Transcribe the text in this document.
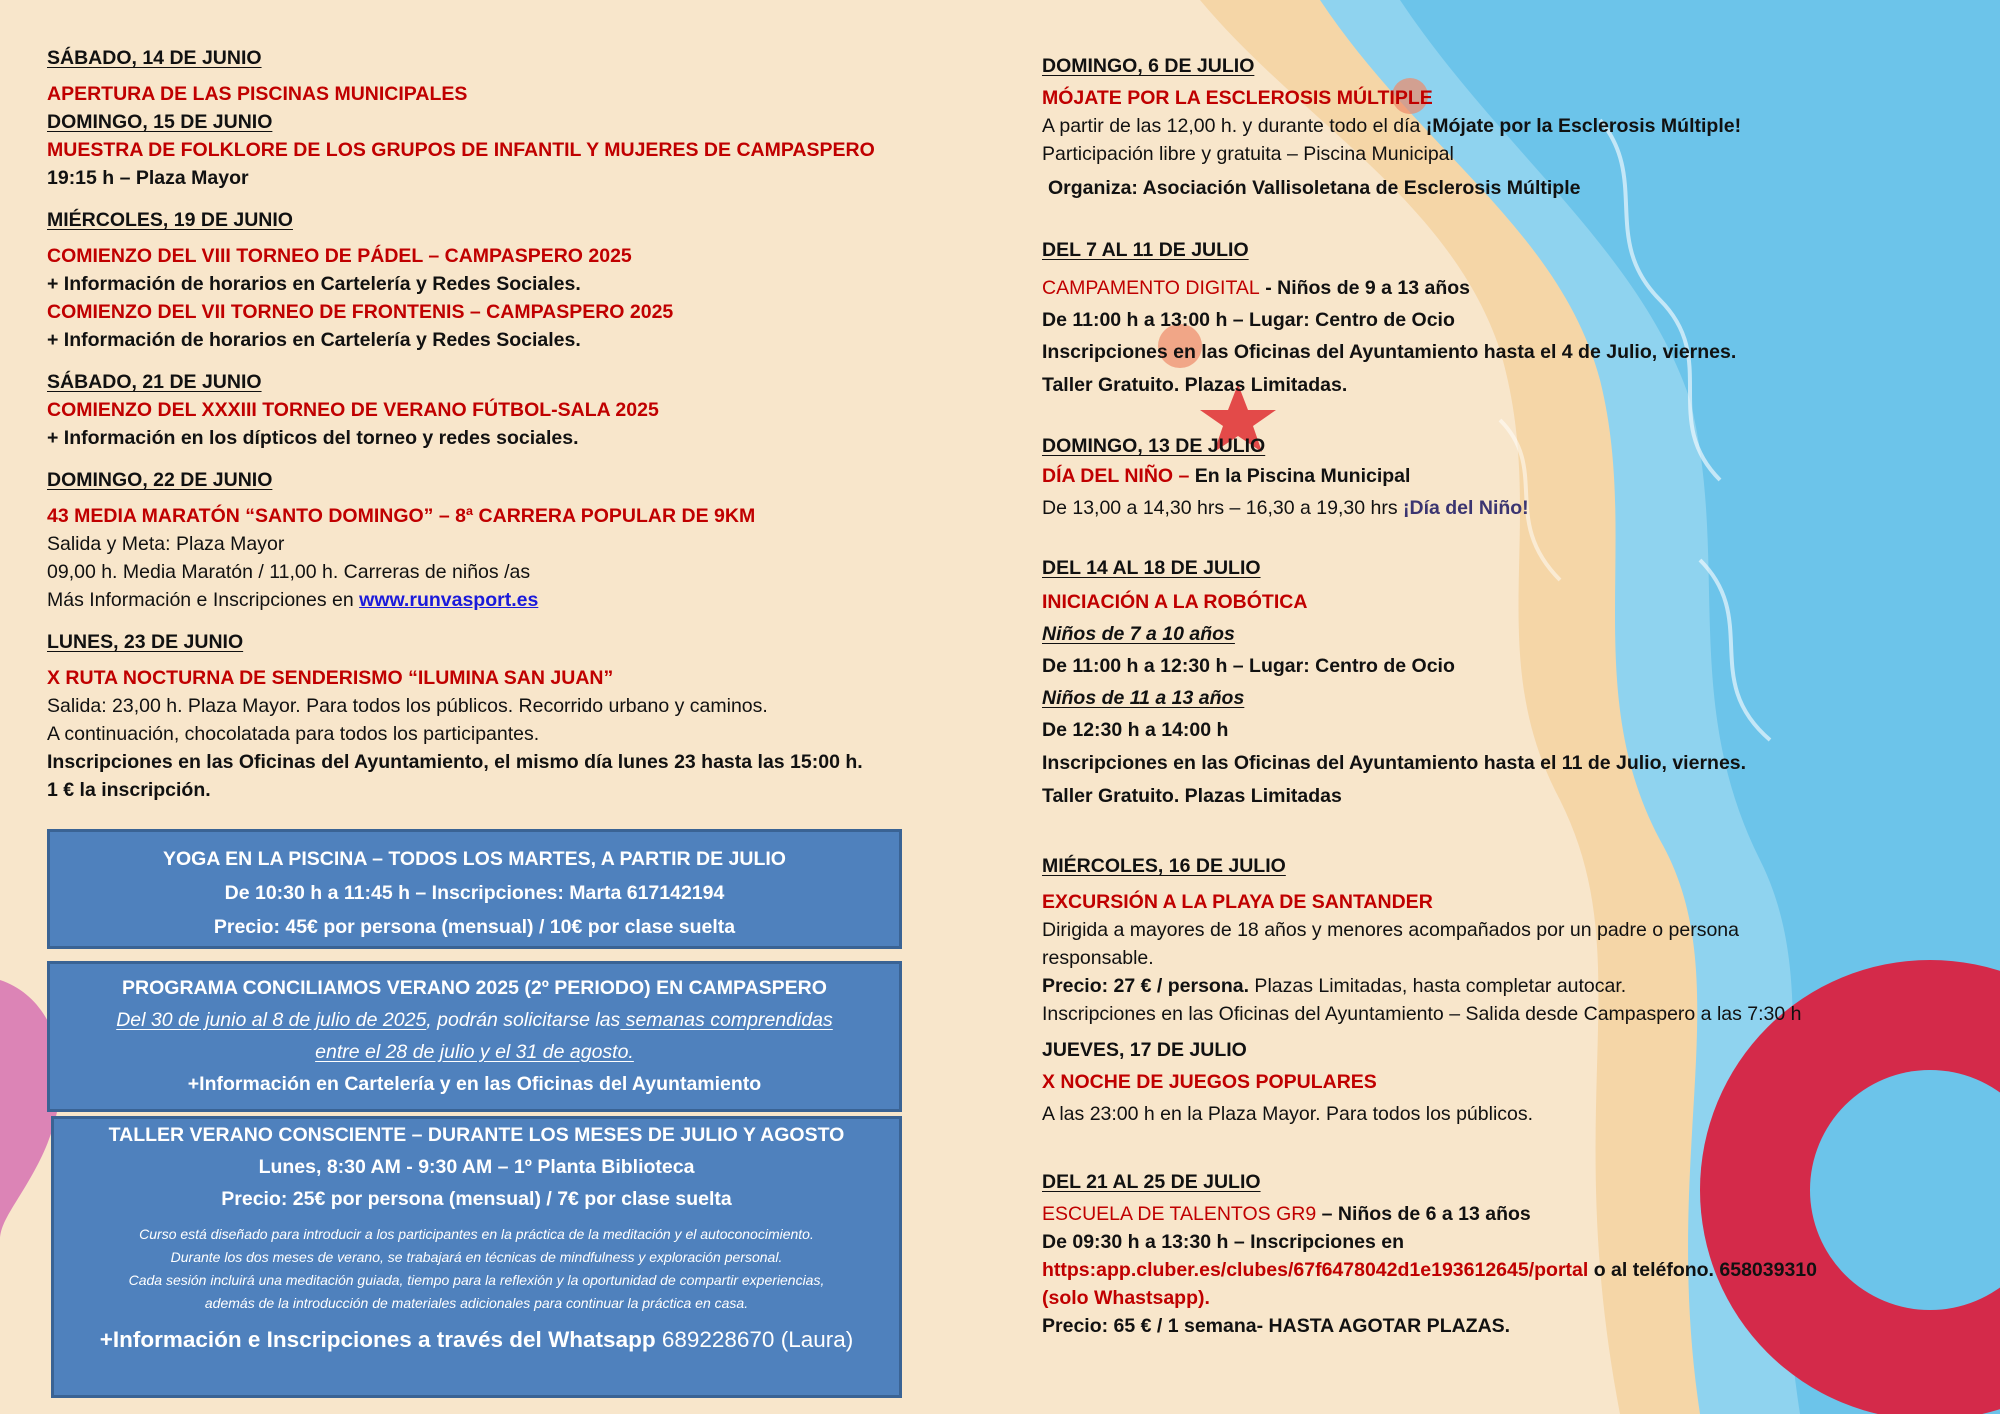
SÁBADO, 14 DE JUNIO
APERTURA DE LAS PISCINAS MUNICIPALES
DOMINGO, 15 DE JUNIO
MUESTRA DE FOLKLORE DE LOS GRUPOS DE INFANTIL Y MUJERES DE CAMPASPERO
19:15 h – Plaza Mayor
MIÉRCOLES, 19 DE JUNIO
COMIENZO DEL VIII TORNEO DE PÁDEL – CAMPASPERO 2025
+ Información de horarios en Cartelería y Redes Sociales.
COMIENZO DEL VII TORNEO DE FRONTENIS – CAMPASPERO 2025
+ Información de horarios en Cartelería y Redes Sociales.
SÁBADO, 21 DE JUNIO
COMIENZO DEL XXXIII TORNEO DE VERANO FÚTBOL-SALA 2025
+ Información en los dípticos del torneo y redes sociales.
DOMINGO, 22 DE JUNIO
43 MEDIA MARATÓN “SANTO DOMINGO” – 8ª CARRERA POPULAR DE 9KM
Salida y Meta: Plaza Mayor
09,00 h. Media Maratón / 11,00 h. Carreras de niños /as
Más Información e Inscripciones en www.runvasport.es
LUNES, 23 DE JUNIO
X RUTA NOCTURNA DE SENDERISMO “ILUMINA SAN JUAN”
Salida: 23,00 h. Plaza Mayor. Para todos los públicos. Recorrido urbano y caminos.
A continuación, chocolatada para todos los participantes.
Inscripciones en las Oficinas del Ayuntamiento, el mismo día lunes 23 hasta las 15:00 h.
1 € la inscripción.
YOGA EN LA PISCINA – TODOS LOS MARTES, A PARTIR DE JULIO
De 10:30 h a 11:45 h – Inscripciones: Marta 617142194
Precio: 45€ por persona (mensual) / 10€ por clase suelta
PROGRAMA CONCILIAMOS VERANO 2025 (2º PERIODO) EN CAMPASPERO
Del 30 de junio al 8 de julio de 2025, podrán solicitarse las semanas comprendidas
entre el 28 de julio y el 31 de agosto.
+Información en Cartelería y en las Oficinas del Ayuntamiento
TALLER VERANO CONSCIENTE – DURANTE LOS MESES DE JULIO Y AGOSTO
Lunes, 8:30 AM - 9:30 AM – 1º Planta Biblioteca
Precio: 25€ por persona (mensual) / 7€ por clase suelta
Curso está diseñado para introducir a los participantes en la práctica de la meditación y el autoconocimiento.
Durante los dos meses de verano, se trabajará en técnicas de mindfulness y exploración personal.
Cada sesión incluirá una meditación guiada, tiempo para la reflexión y la oportunidad de compartir experiencias,
además de la introducción de materiales adicionales para continuar la práctica en casa.
+Información e Inscripciones a través del Whatsapp 689228670 (Laura)
DOMINGO, 6 DE JULIO
MÓJATE POR LA ESCLEROSIS MÚLTIPLE
A partir de las 12,00 h. y durante todo el día ¡Mójate por la Esclerosis Múltiple!
Participación libre y gratuita – Piscina Municipal
Organiza: Asociación Vallisoletana de Esclerosis Múltiple
DEL 7 AL 11 DE JULIO
CAMPAMENTO DIGITAL - Niños de 9 a 13 años
De 11:00 h a 13:00 h – Lugar: Centro de Ocio
Inscripciones en las Oficinas del Ayuntamiento hasta el 4 de Julio, viernes.
Taller Gratuito. Plazas Limitadas.
DOMINGO, 13 DE JULIO
DÍA DEL NIÑO – En la Piscina Municipal
De 13,00 a 14,30 hrs – 16,30 a 19,30 hrs ¡Día del Niño!
DEL 14 AL 18 DE JULIO
INICIACIÓN A LA ROBÓTICA
Niños de 7 a 10 años
De 11:00 h a 12:30 h – Lugar: Centro de Ocio
Niños de 11 a 13 años
De 12:30 h a 14:00 h
Inscripciones en las Oficinas del Ayuntamiento hasta el 11 de Julio, viernes.
Taller Gratuito. Plazas Limitadas
MIÉRCOLES, 16 DE JULIO
EXCURSIÓN A LA PLAYA DE SANTANDER
Dirigida a mayores de 18 años y menores acompañados por un padre o persona
responsable.
Precio: 27 € / persona. Plazas Limitadas, hasta completar autocar.
Inscripciones en las Oficinas del Ayuntamiento – Salida desde Campaspero a las 7:30 h
JUEVES, 17 DE JULIO
X NOCHE DE JUEGOS POPULARES
A las 23:00 h en la Plaza Mayor. Para todos los públicos.
DEL 21 AL 25 DE JULIO
ESCUELA DE TALENTOS GR9 – Niños de 6 a 13 años
De 09:30 h a 13:30 h – Inscripciones en
https:app.cluber.es/clubes/67f6478042d1e193612645/portal o al teléfono. 658039310
(solo Whastsapp).
Precio: 65 € / 1 semana- HASTA AGOTAR PLAZAS.
